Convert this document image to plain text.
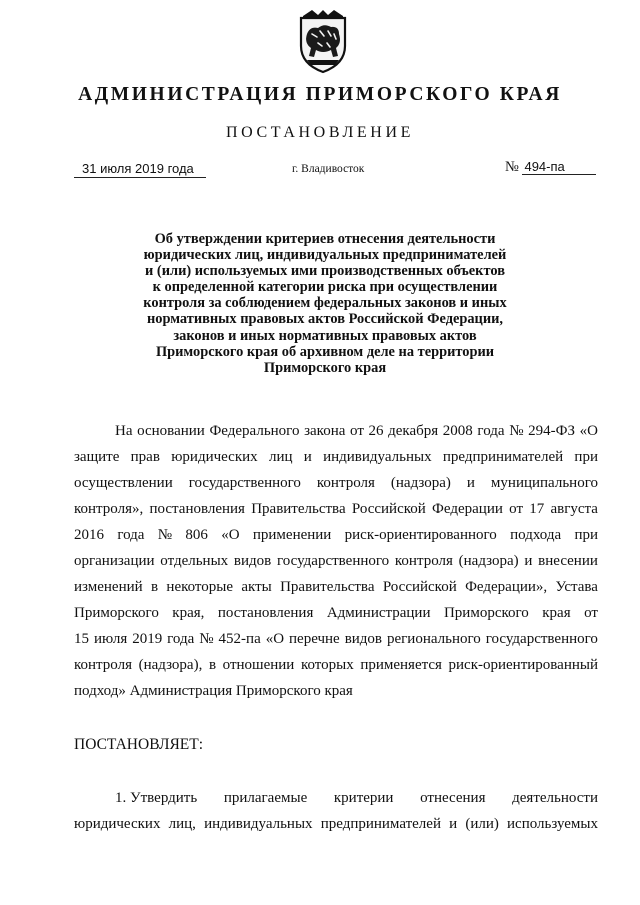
АДМИНИСТРАЦИЯ ПРИМОРСКОГО КРАЯ
ПОСТАНОВЛЕНИЕ
31 июля 2019 года	г. Владивосток	№ 494-па
Об утверждении критериев отнесения деятельности
юридических лиц, индивидуальных предпринимателей
и (или) используемых ими производственных объектов
к определенной категории риска при осуществлении
контроля за соблюдением федеральных законов и иных
нормативных правовых актов Российской Федерации,
законов и иных нормативных правовых актов
Приморского края об архивном деле на территории
Приморского края
На основании Федерального закона от 26 декабря 2008 года № 294-ФЗ «О
защите прав юридических лиц и индивидуальных предпринимателей при
осуществлении государственного контроля (надзора) и муниципального
контроля», постановления Правительства Российской Федерации от 17 августа
2016 года № 806 «О применении риск-ориентированного подхода при
организации отдельных видов государственного контроля (надзора) и внесении
изменений в некоторые акты Правительства Российской Федерации», Устава
Приморского края, постановления Администрации Приморского края от
15 июля 2019 года № 452-па «О перечне видов регионального государственного
контроля (надзора), в отношении которых применяется риск-ориентированный
подход» Администрация Приморского края
ПОСТАНОВЛЯЕТ:
1. Утвердить прилагаемые критерии отнесения деятельности
юридических лиц, индивидуальных предпринимателей и (или) используемых
